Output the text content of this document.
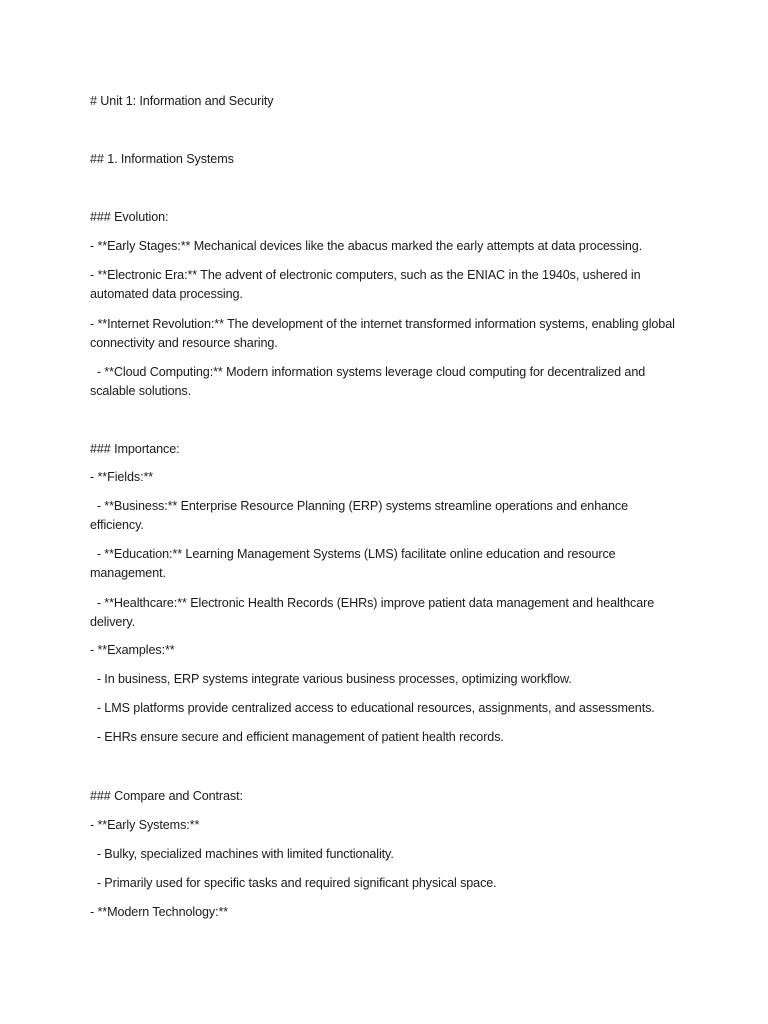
# Unit 1: Information and Security
## 1. Information Systems
### Evolution:
- **Early Stages:** Mechanical devices like the abacus marked the early attempts at data processing.
- **Electronic Era:** The advent of electronic computers, such as the ENIAC in the 1940s, ushered in automated data processing.
- **Internet Revolution:** The development of the internet transformed information systems, enabling global connectivity and resource sharing.
- **Cloud Computing:** Modern information systems leverage cloud computing for decentralized and scalable solutions.
### Importance:
- **Fields:**
- **Business:** Enterprise Resource Planning (ERP) systems streamline operations and enhance efficiency.
- **Education:** Learning Management Systems (LMS) facilitate online education and resource management.
- **Healthcare:** Electronic Health Records (EHRs) improve patient data management and healthcare delivery.
- **Examples:**
- In business, ERP systems integrate various business processes, optimizing workflow.
- LMS platforms provide centralized access to educational resources, assignments, and assessments.
- EHRs ensure secure and efficient management of patient health records.
### Compare and Contrast:
- **Early Systems:**
- Bulky, specialized machines with limited functionality.
- Primarily used for specific tasks and required significant physical space.
- **Modern Technology:**
